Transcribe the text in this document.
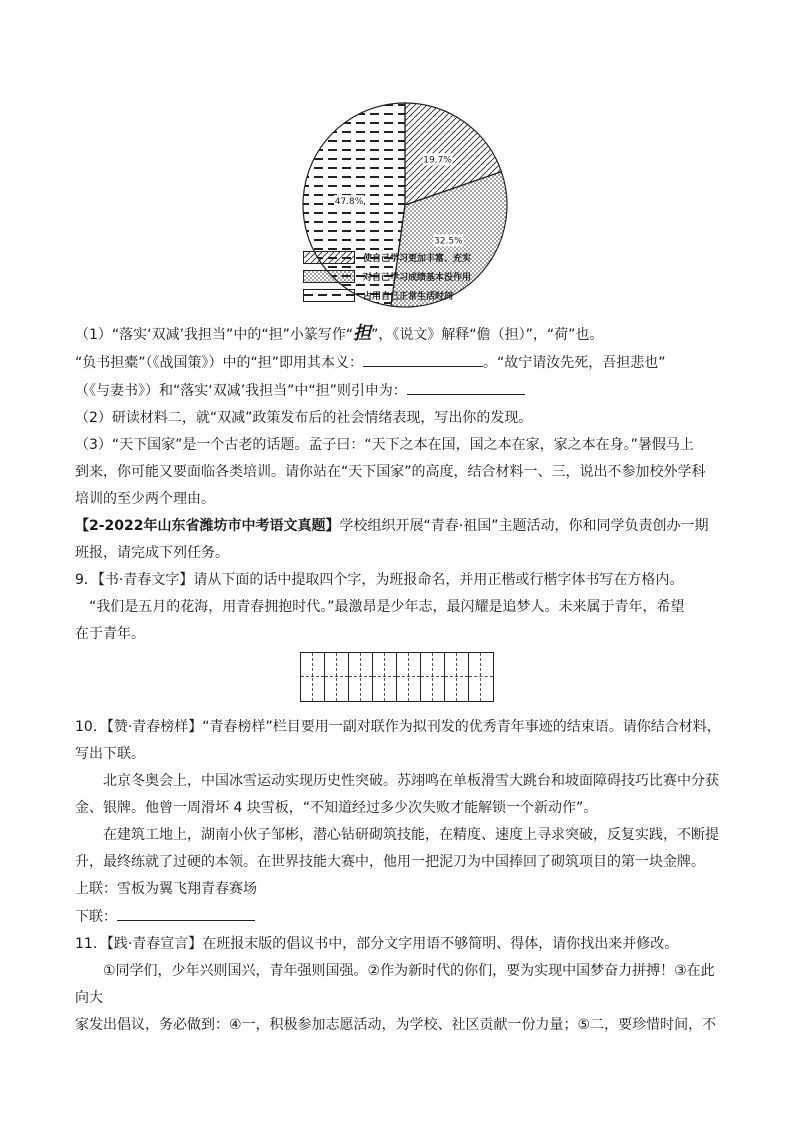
19.7%
32.5%
47.8%
使自己学习更加丰富、充实
对自己学习成绩基本没作用
占用自己正常生活时间

（1）“落实‘双减’我担当”中的“担”小篆写作“担”，《说文》解释“儋（担）”，“荷”也。

“负书担橐”（《战国策》）中的“担”即用其本义：	。“故宁请汝先死，吾担悲也”

（《与妻书》）和“落实‘双减’我担当”中“担”则引申为：

（2）研读材料二，就“双减”政策发布后的社会情绪表现，写出你的发现。

（3）“天下国家”是一个古老的话题。孟子曰：“天下之本在国，国之本在家，家之本在身。”暑假马上

到来，你可能又要面临各类培训。请你站在“天下国家”的高度，结合材料一、三，说出不参加校外学科

培训的至少两个理由。

【2-2022年山东省潍坊市中考语文真题】学校组织开展“青春·祖国”主题活动，你和同学负责创办一期

班报，请完成下列任务。

9．【书·青春文字】请从下面的话中提取四个字，为班报命名，并用正楷或行楷字体书写在方格内。

“我们是五月的花海，用青春拥抱时代。”最激昂是少年志，最闪耀是追梦人。未来属于青年，希望

在于青年。

10．【赞·青春榜样】“青春榜样”栏目要用一副对联作为拟刊发的优秀青年事迹的结束语。请你结合材料，

写出下联。

北京冬奥会上，中国冰雪运动实现历史性突破。苏翊鸣在单板滑雪大跳台和坡面障碍技巧比赛中分获

金、银牌。他曾一周滑坏 4 块雪板，“不知道经过多少次失败才能解锁一个新动作”。

在建筑工地上，湖南小伙子邹彬，潜心钻研砌筑技能，在精度、速度上寻求突破，反复实践，不断提

升，最终练就了过硬的本领。在世界技能大赛中，他用一把泥刀为中国捧回了砌筑项目的第一块金牌。

上联：雪板为翼飞翔青春赛场

下联：

11．【践·青春宣言】在班报末版的倡议书中，部分文字用语不够简明、得体，请你找出来并修改。

①同学们，少年兴则国兴，青年强则国强。②作为新时代的你们，要为实现中国梦奋力拼搏！③在此向大

家发出倡议，务必做到：④一，积极参加志愿活动，为学校、社区贡献一份力量；⑤二，要珍惜时间，不
